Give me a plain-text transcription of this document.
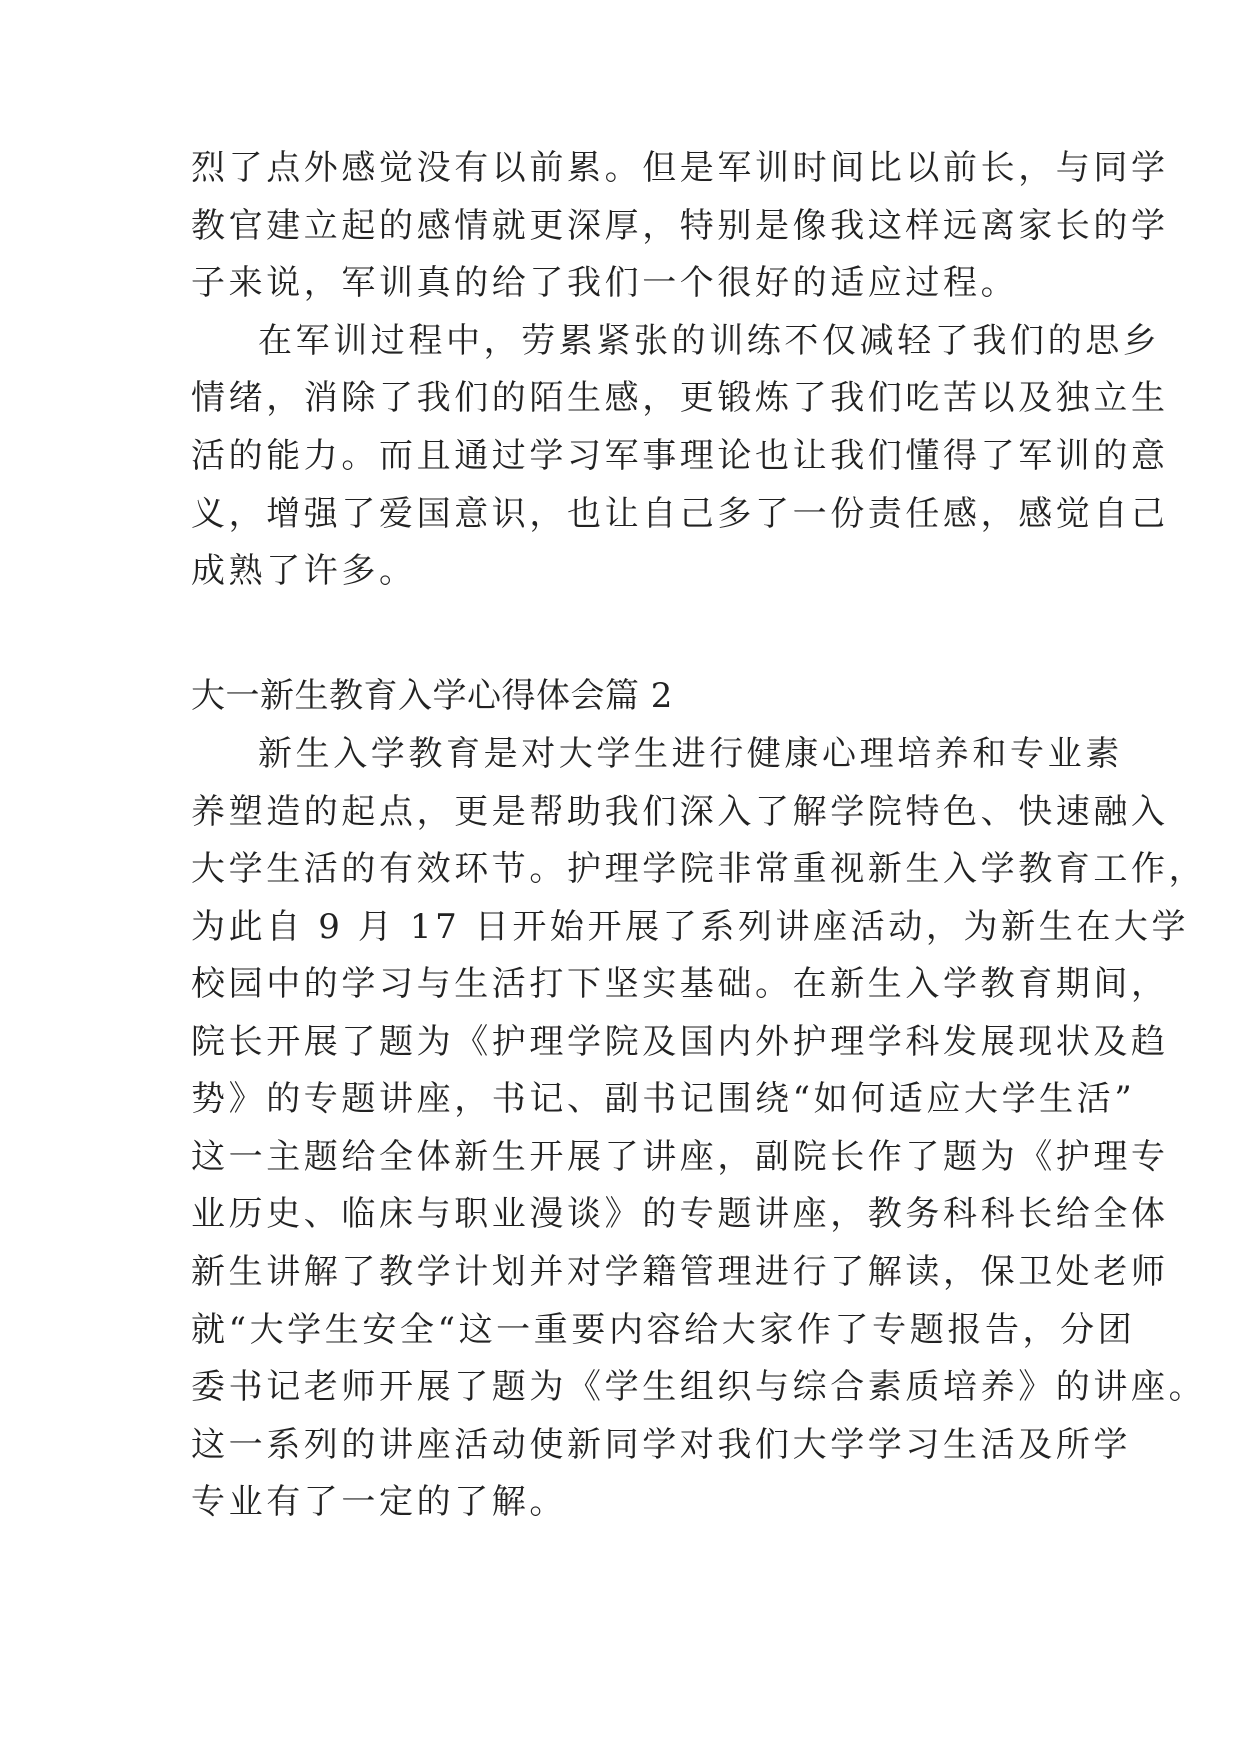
烈了点外感觉没有以前累。但是军训时间比以前长，与同学
教官建立起的感情就更深厚，特别是像我这样远离家长的学
子来说，军训真的给了我们一个很好的适应过程。
在军训过程中，劳累紧张的训练不仅减轻了我们的思乡
情绪，消除了我们的陌生感，更锻炼了我们吃苦以及独立生
活的能力。而且通过学习军事理论也让我们懂得了军训的意
义，增强了爱国意识，也让自己多了一份责任感，感觉自己
成熟了许多。
大一新生教育入学心得体会篇 2
新生入学教育是对大学生进行健康心理培养和专业素
养塑造的起点，更是帮助我们深入了解学院特色、快速融入
大学生活的有效环节。护理学院非常重视新生入学教育工作，
为此自 9 月 17 日开始开展了系列讲座活动，为新生在大学
校园中的学习与生活打下坚实基础。在新生入学教育期间，
院长开展了题为《护理学院及国内外护理学科发展现状及趋
势》的专题讲座，书记、副书记围绕“如何适应大学生活”
这一主题给全体新生开展了讲座，副院长作了题为《护理专
业历史、临床与职业漫谈》的专题讲座，教务科科长给全体
新生讲解了教学计划并对学籍管理进行了解读，保卫处老师
就“大学生安全“这一重要内容给大家作了专题报告，分团
委书记老师开展了题为《学生组织与综合素质培养》的讲座。
这一系列的讲座活动使新同学对我们大学学习生活及所学
专业有了一定的了解。
